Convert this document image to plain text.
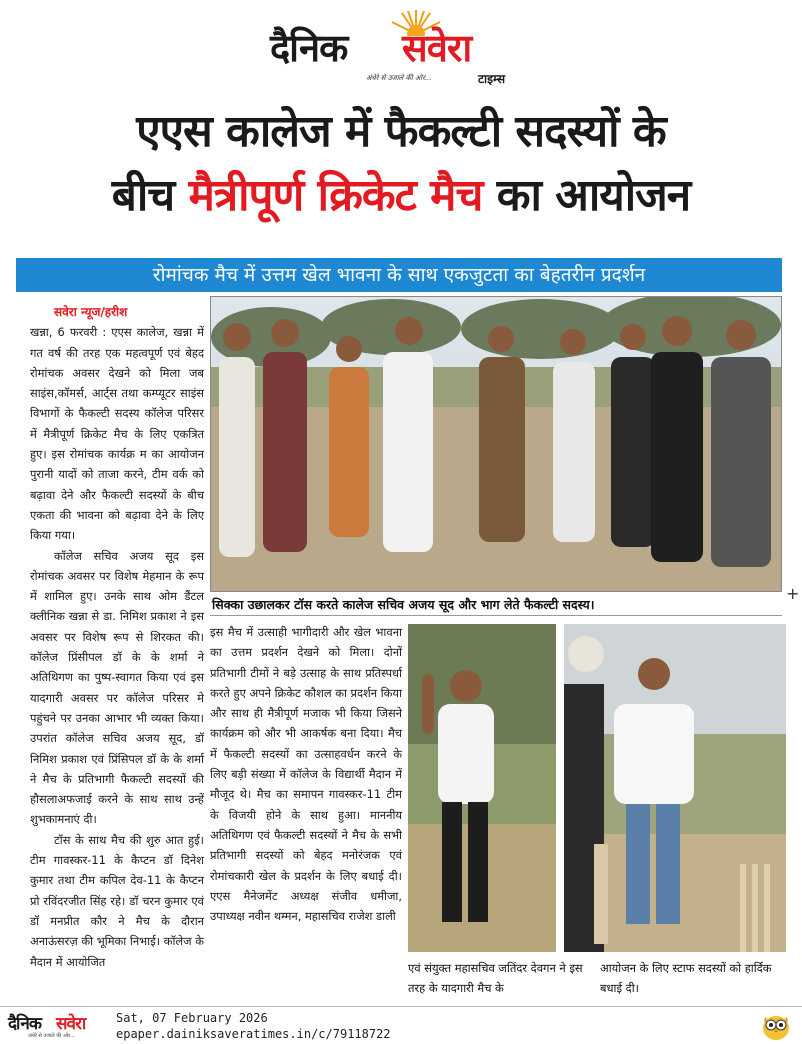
दैनिक सवेरा
अंधेरे से उजाले की ओर...	टाइम्स
एएस कालेज में फैकल्टी सदस्यों के
बीच मैत्रीपूर्ण क्रिकेट मैच का आयोजन
रोमांचक मैच में उत्तम खेल भावना के साथ एकजुटता का बेहतरीन प्रदर्शन
सवेरा न्यूज/हरीश

खन्ना, 6 फरवरी : एएस कालेज, खन्ना में गत वर्ष की तरह एक महत्वपूर्ण एवं बेहद रोमांचक अवसर देखने को मिला जब साइंस,कॉमर्स, आर्ट्स तथा कम्प्यूटर साइंस विभागों के फैकल्टी सदस्य कॉलेज परिसर में मैत्रीपूर्ण क्रिकेट मैच के लिए एकत्रित हुए। इस रोमांचक कार्यक्र म का आयोजन पुरानी यादों को ताजा करने, टीम वर्क को बढ़ावा देने और फैकल्टी सदस्यों के बीच एकता की भावना को बढ़ावा देने के लिए किया गया।

कॉलेज सचिव अजय सूद इस रोमांचक अवसर पर विशेष मेहमान के रूप में शामिल हुए। उनके साथ ओम डैंटल क्लीनिक खन्ना से डा. निमिश प्रकाश ने इस अवसर पर विशेष रूप से शिरकत की। कॉलेज प्रिंसीपल डॉ के के शर्मा ने अतिथिगण का पुष्प-स्वागत किया एवं इस यादगारी अवसर पर कॉलेज परिसर मे पहुंचने पर उनका आभार भी व्यक्त किया। उपरांत कॉलेज सचिव अजय सूद, डॉ निमिश प्रकाश एवं प्रिंसिपल डॉ के के शर्मा ने मैच के प्रतिभागी फैकल्टी सदस्यों की हौसलाअफजाई करने के साथ साथ उन्हें शुभकामनाएं दी।

टॉस के साथ मैच की शुरु आत हुई। टीम गावस्कर-11 के कैप्टन डॉ दिनेश कुमार तथा टीम कपिल देव-11 के कैप्टन प्रो रविंदरजीत सिंह रहे। डॉ चरन कुमार एवं डॉ मनप्रीत कौर ने मैच के दौरान अनाऊंसरज़ की भूमिका निभाई। कॉलेज के मैदान में आयोजित

सिक्का उछालकर टॉस करते कालेज सचिव अजय सूद और भाग लेते फैकल्टी सदस्य।
+

इस मैच में उत्साही भागीदारी और खेल भावना का उत्तम प्रदर्शन देखने को मिला। दोनों प्रतिभागी टीमों ने बड़े उत्साह के साथ प्रतिस्पर्धा करते हुए अपने क्रिकेट कौशल का प्रदर्शन किया और साथ ही मैत्रीपूर्ण मजाक भी किया जिसने कार्यक्रम को और भी आकर्षक बना दिया। मैच में फैकल्टी सदस्यों का उत्साहवर्धन करने के लिए बड़ी संख्या में कॉलेज के विद्यार्थी मैदान में मौजूद थे। मैच का समापन गावस्कर-11 टीम के विजयी होने के साथ हुआ। माननीय अतिथिगण एवं फैकल्टी सदस्यों ने मैच के सभी प्रतिभागी सदस्यों को बेहद मनोरंजक एवं रोमांचकारी खेल के प्रदर्शन के लिए बधाई दी। एएस मैनेजमेंट अध्यक्ष संजीव धमीजा, उपाध्यक्ष नवीन थम्मन, महासचिव राजेश डाली

एवं संयुक्त महासचिव जतिंदर देवगन ने इस तरह के यादगारी मैच के
आयोजन के लिए स्टाफ सदस्यों को हार्दिक बधाई दी।
दैनिक सवेरा
अंधेरे से उजाले की ओर...
Sat, 07 February 2026
epaper.dainiksaveratimes.in/c/79118722
